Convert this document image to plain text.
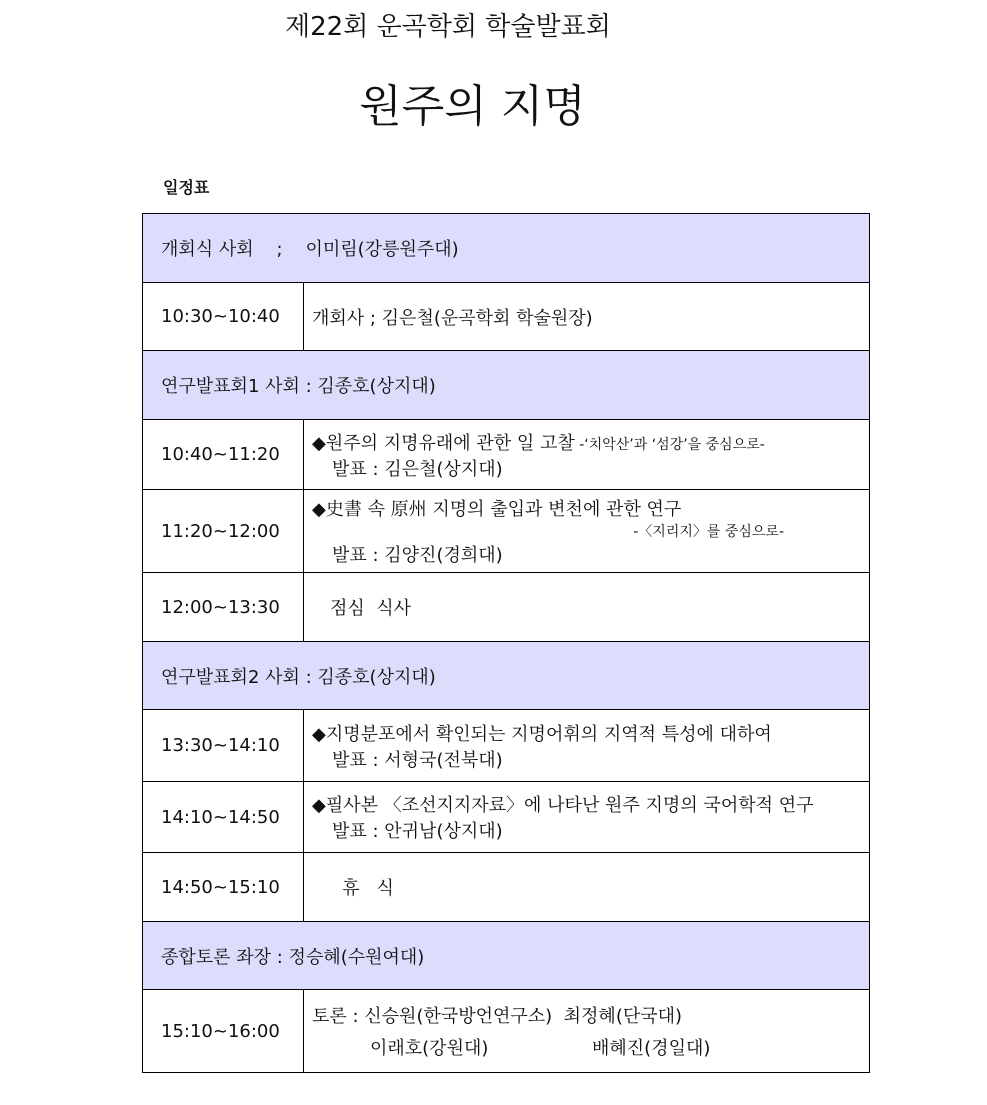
제22회 운곡학회 학술발표회
원주의 지명
일정표
개회식 사회    ;    이미림(강릉원주대)	
10:30~10:40	개회사 ; 김은철(운곡학회 학술원장)
연구발표회1 사회 : 김종호(상지대)	
10:40~11:20	◆원주의 지명유래에 관한 일 고찰 -‘치악산’과 ‘섬강’을 중심으로-
발표 : 김은철(상지대)

11:20~12:00	◆史書 속 原州 지명의 출입과 변천에 관한 연구
-〈지리지〉를 중심으로-
발표 : 김양진(경희대)

12:00~13:30	점심  식사
연구발표회2 사회 : 김종호(상지대)	
13:30~14:10	◆지명분포에서 확인되는 지명어휘의 지역적 특성에 대하여
발표 : 서형국(전북대)

14:10~14:50	◆필사본 〈조선지지자료〉에 나타난 원주 지명의 국어학적 연구
발표 : 안귀남(상지대)

14:50~15:10	휴   식
종합토론 좌장 : 정승혜(수원여대)	
15:10~16:00	토론 : 신승원(한국방언연구소)  최정혜(단국대)
이래호(강원대) 배혜진(경일대)
